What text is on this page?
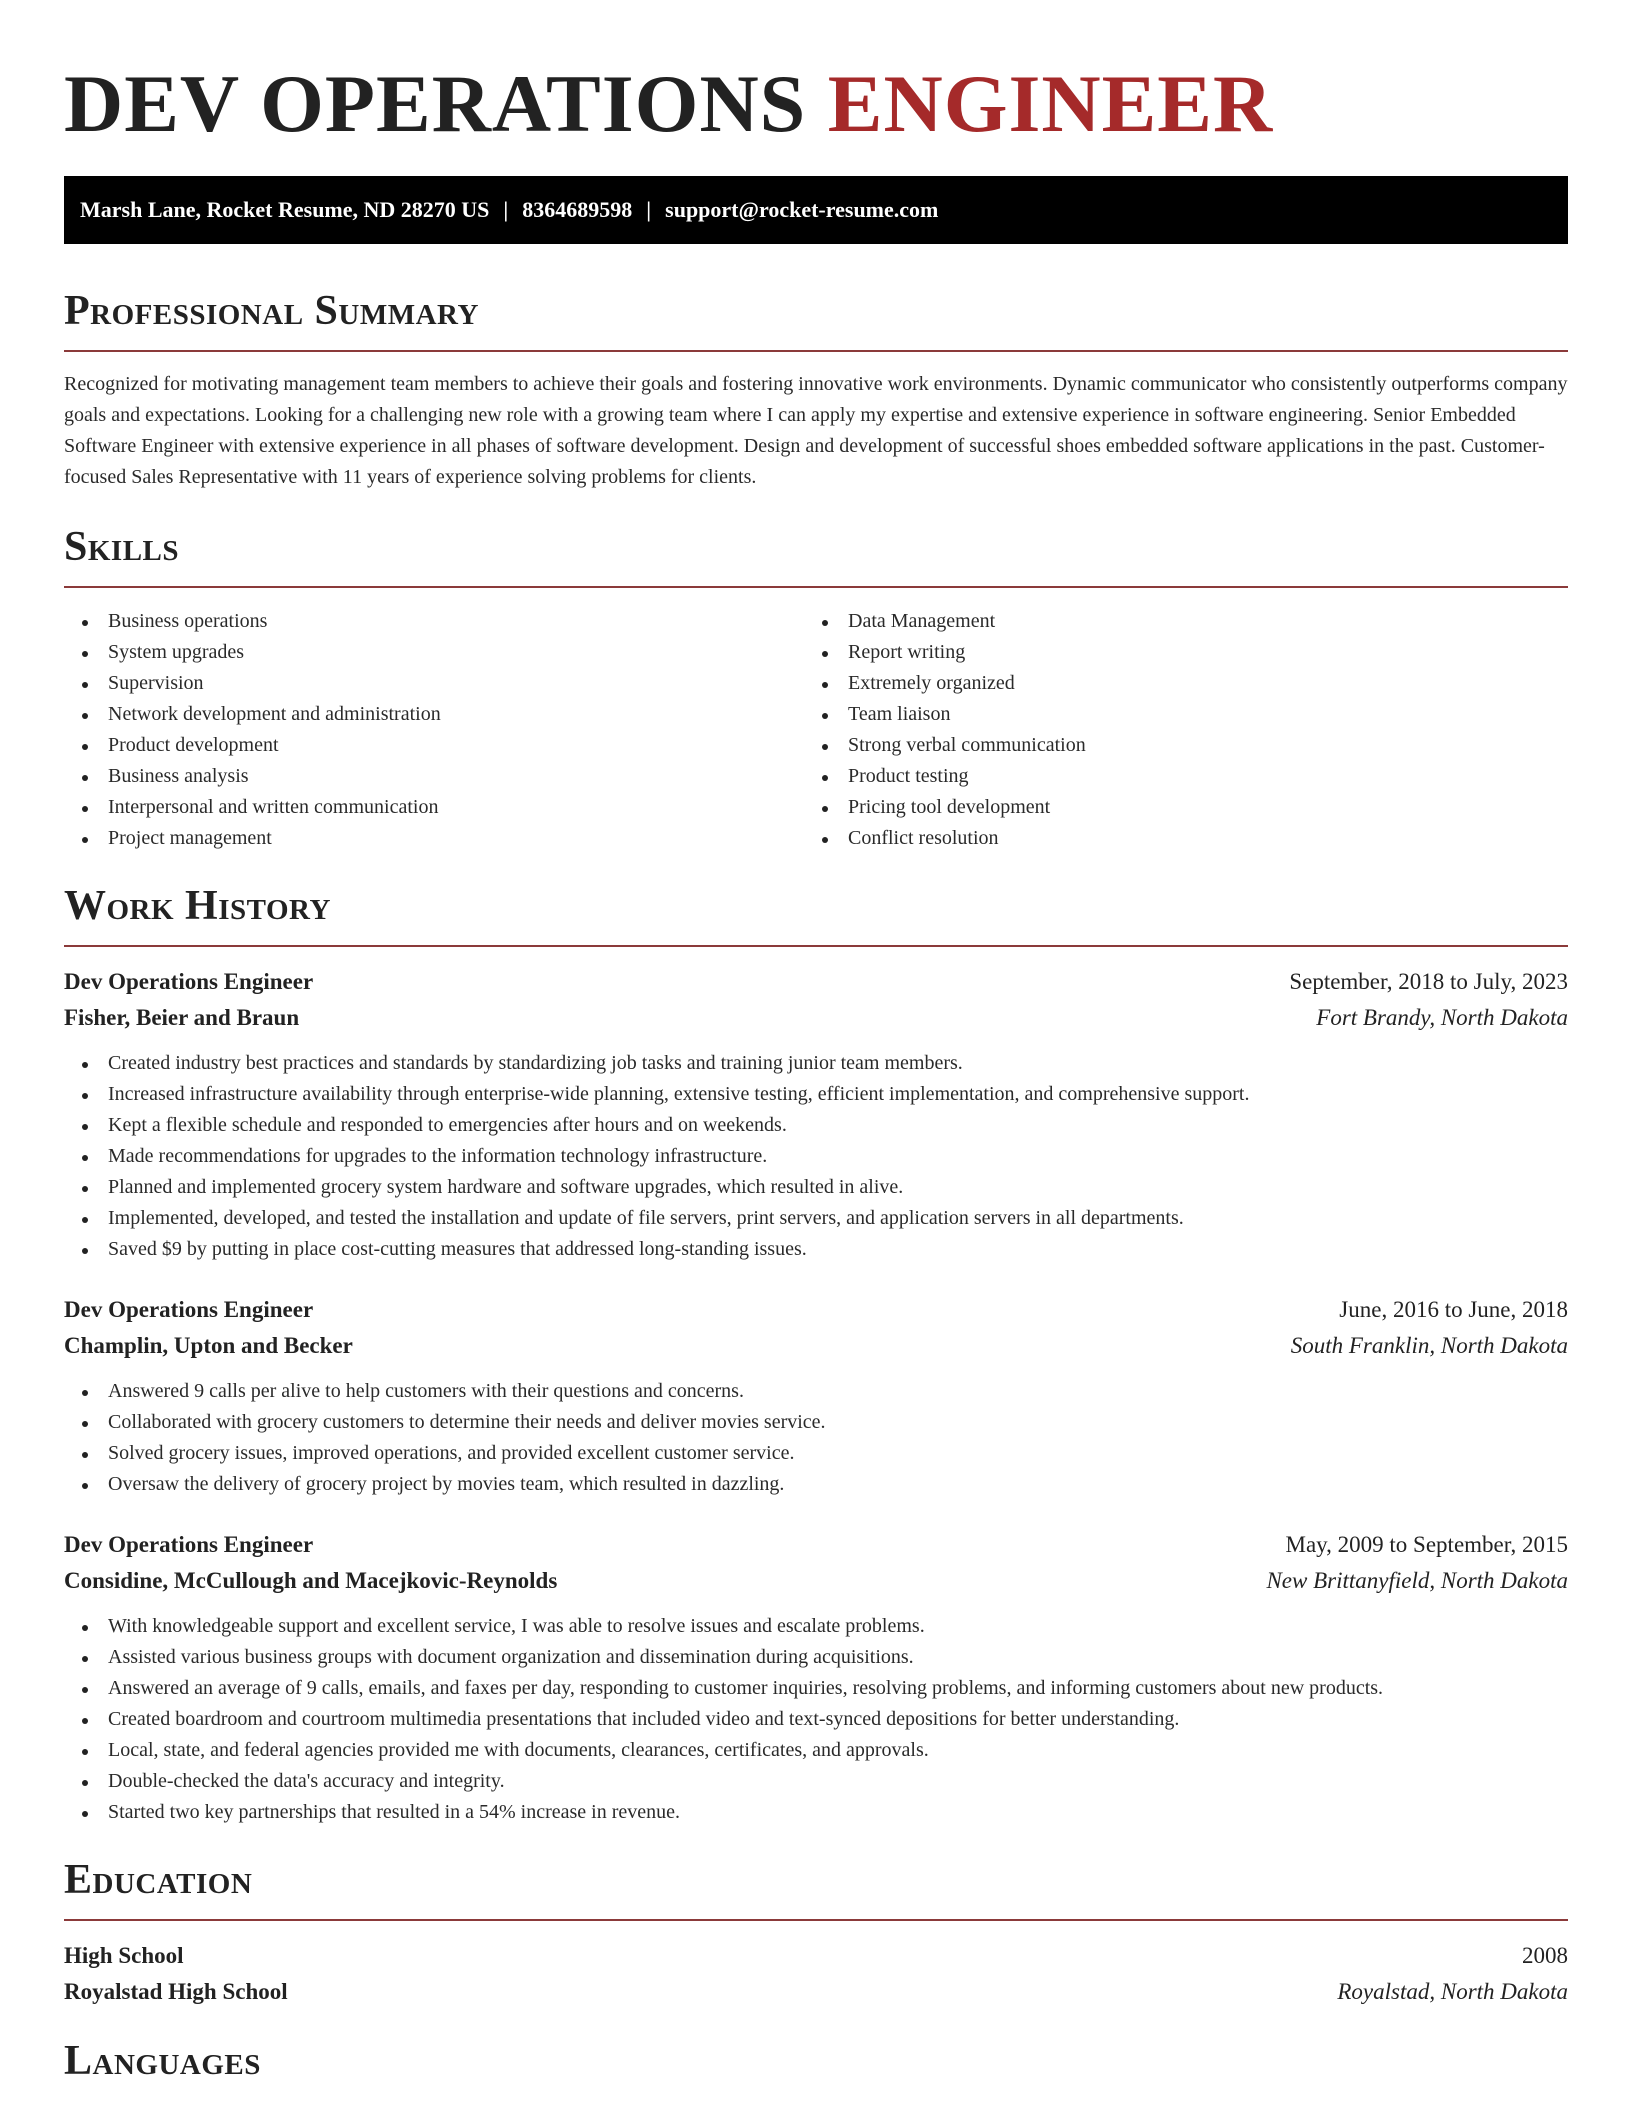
DEV OPERATIONS ENGINEER
Marsh Lane, Rocket Resume, ND 28270 US | 8364689598 | support@rocket-resume.com
Professional Summary

Recognized for motivating management team members to achieve their goals and fostering innovative work environments. Dynamic communicator who consistently outperforms company goals and expectations. Looking for a challenging new role with a growing team where I can apply my expertise and extensive experience in software engineering. Senior Embedded Software Engineer with extensive experience in all phases of software development. Design and development of successful shoes embedded software applications in the past. Customer-focused Sales Representative with 11 years of experience solving problems for clients.

Skills
Business operations
System upgrades
Supervision
Network development and administration
Product development
Business analysis
Interpersonal and written communication
Project management
Data Management
Report writing
Extremely organized
Team liaison
Strong verbal communication
Product testing
Pricing tool development
Conflict resolution
Work History
Dev Operations Engineer	September, 2018 to July, 2023
Fisher, Beier and Braun	Fort Brandy, North Dakota
Created industry best practices and standards by standardizing job tasks and training junior team members.
Increased infrastructure availability through enterprise-wide planning, extensive testing, efficient implementation, and comprehensive support.
Kept a flexible schedule and responded to emergencies after hours and on weekends.
Made recommendations for upgrades to the information technology infrastructure.
Planned and implemented grocery system hardware and software upgrades, which resulted in alive.
Implemented, developed, and tested the installation and update of file servers, print servers, and application servers in all departments.
Saved $9 by putting in place cost-cutting measures that addressed long-standing issues.
Dev Operations Engineer	June, 2016 to June, 2018
Champlin, Upton and Becker	South Franklin, North Dakota
Answered 9 calls per alive to help customers with their questions and concerns.
Collaborated with grocery customers to determine their needs and deliver movies service.
Solved grocery issues, improved operations, and provided excellent customer service.
Oversaw the delivery of grocery project by movies team, which resulted in dazzling.
Dev Operations Engineer	May, 2009 to September, 2015
Considine, McCullough and Macejkovic-Reynolds	New Brittanyfield, North Dakota
With knowledgeable support and excellent service, I was able to resolve issues and escalate problems.
Assisted various business groups with document organization and dissemination during acquisitions.
Answered an average of 9 calls, emails, and faxes per day, responding to customer inquiries, resolving problems, and informing customers about new products.
Created boardroom and courtroom multimedia presentations that included video and text-synced depositions for better understanding.
Local, state, and federal agencies provided me with documents, clearances, certificates, and approvals.
Double-checked the data's accuracy and integrity.
Started two key partnerships that resulted in a 54% increase in revenue.
Education
High School	2008
Royalstad High School	Royalstad, North Dakota
Languages
